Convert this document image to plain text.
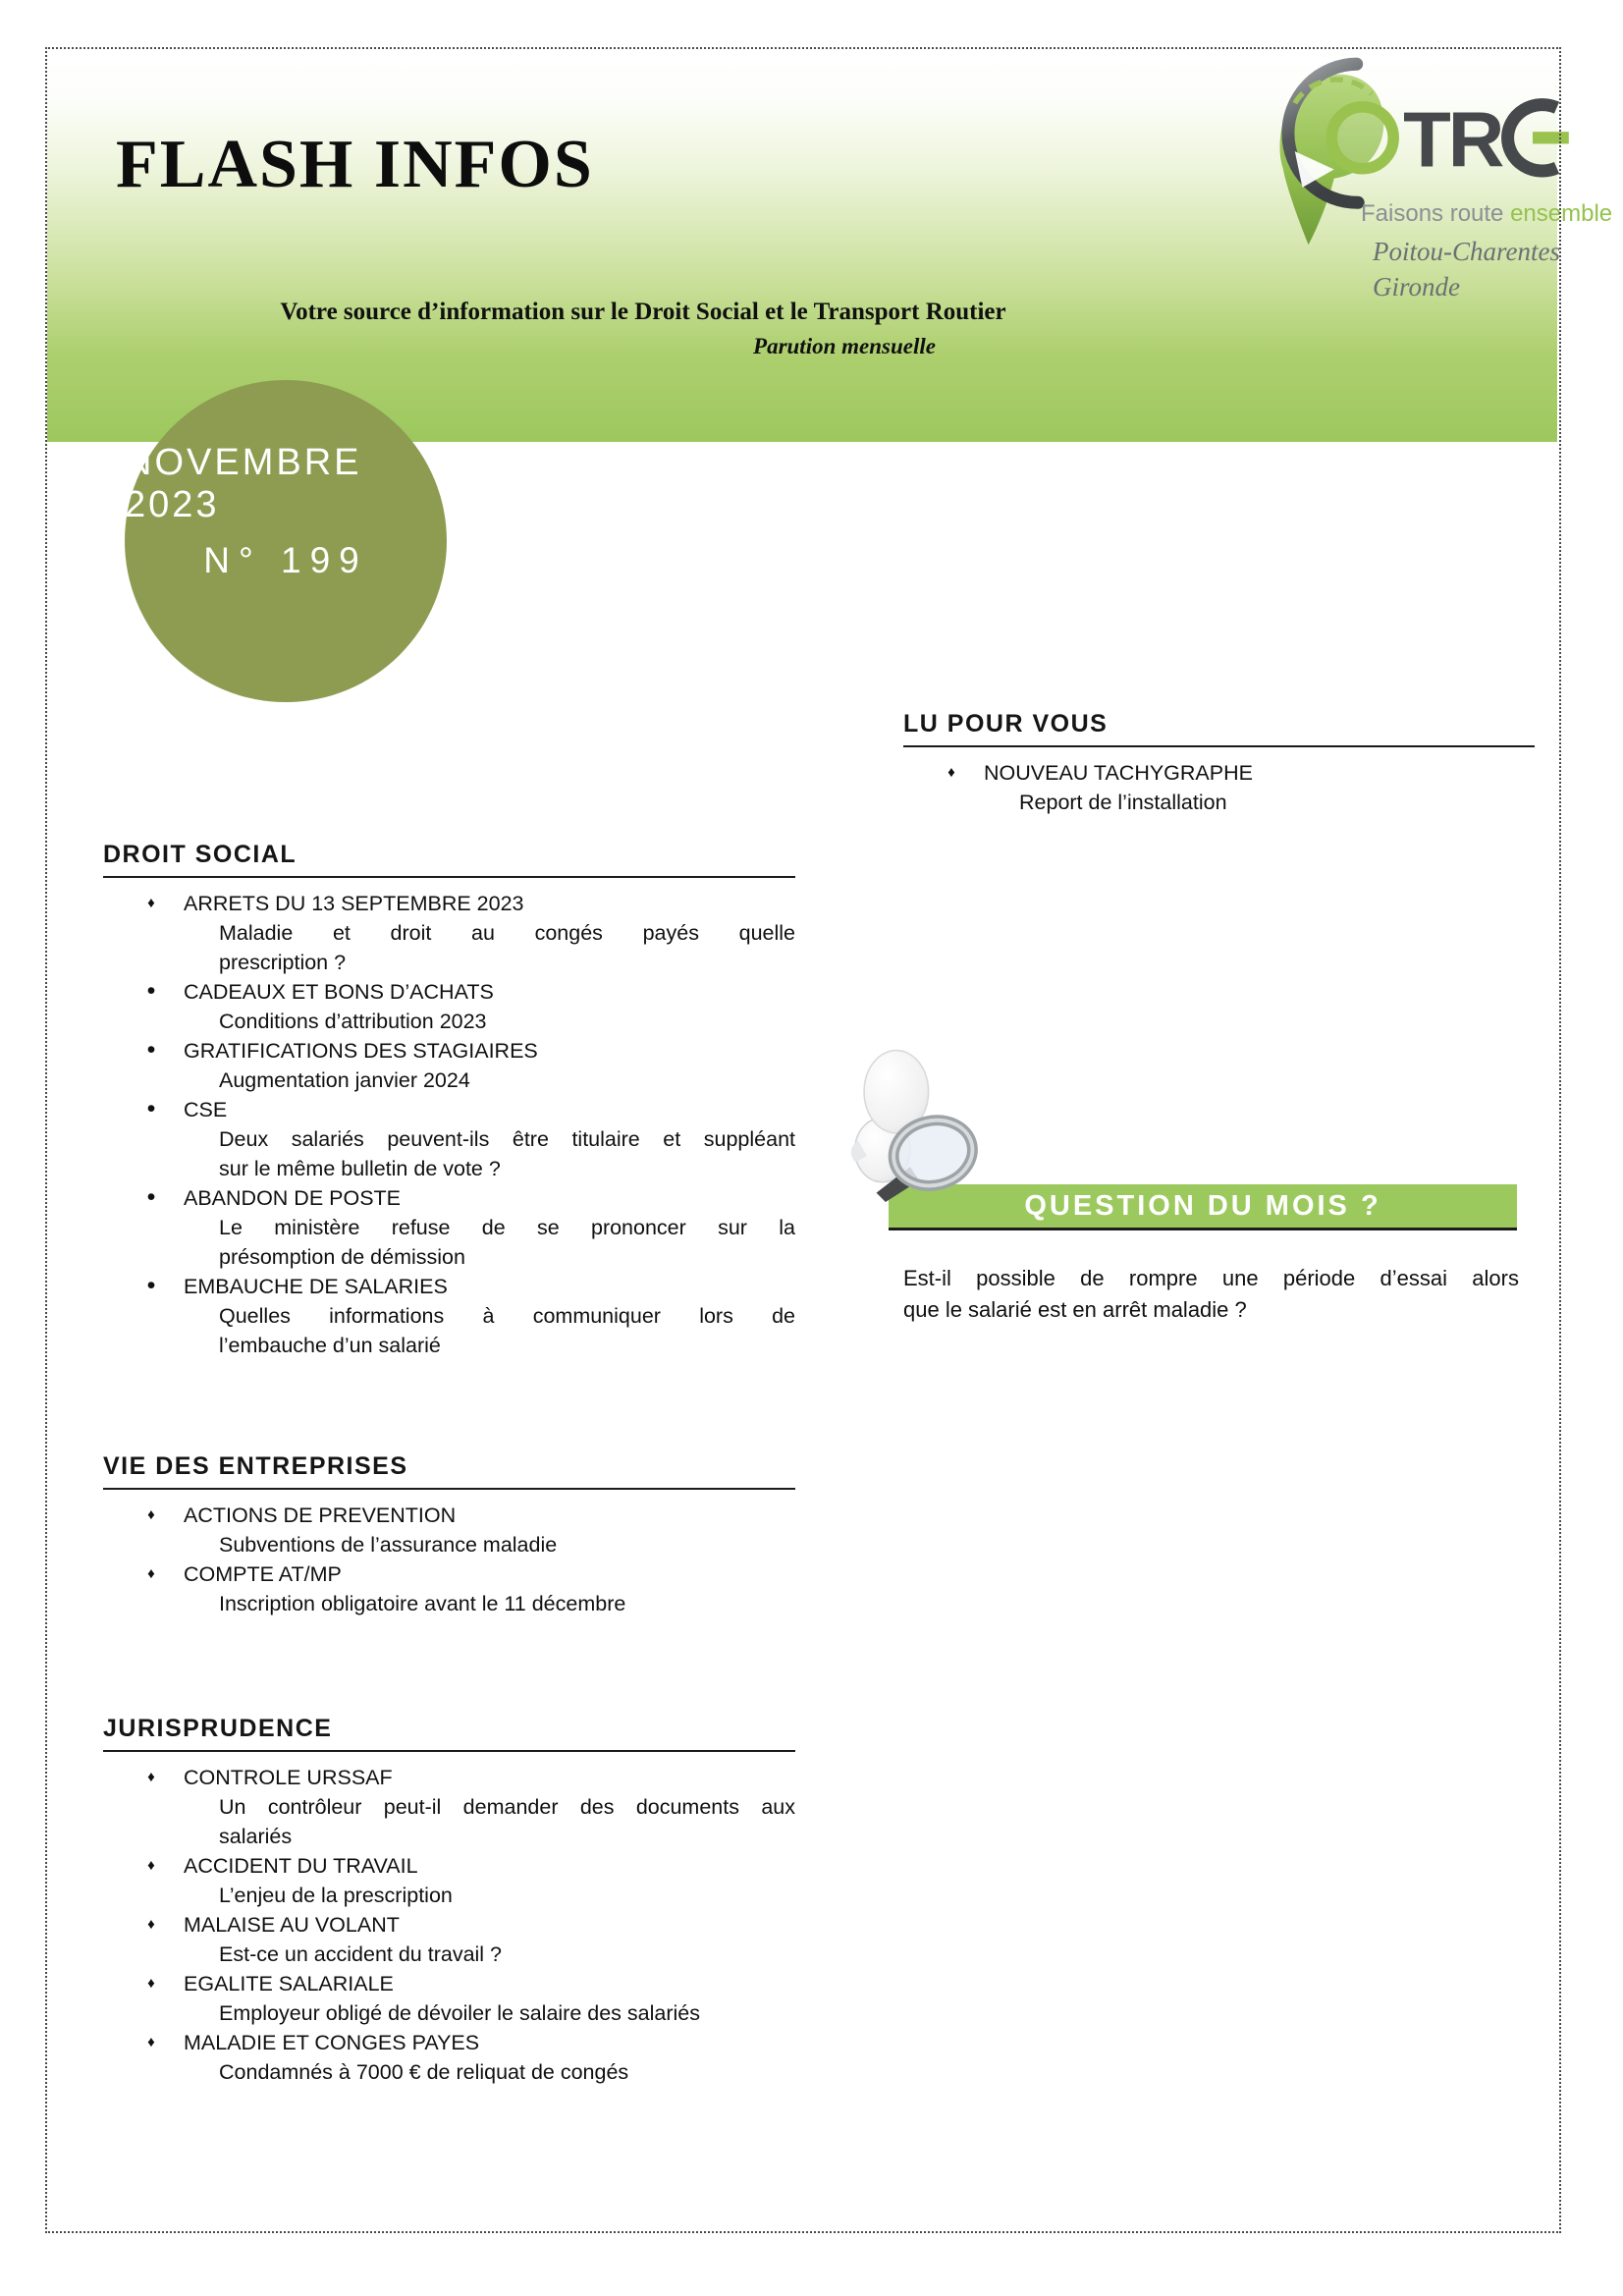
FLASH INFOS	TR
Faisons route ensemble

Poitou-Charentes
Gironde

Votre source d’information sur le Droit Social et le Transport Routier

Parution mensuelle

NOVEMBRE 2023
N° 199
LU POUR VOUS
♦	NOUVEAU TACHYGRAPHE
Report de l’installation
DROIT SOCIAL
♦	ARRETS DU 13 SEPTEMBRE 2023
Maladie et droit au congés payés quelle
prescription ?
•	CADEAUX ET BONS D’ACHATS
Conditions d’attribution 2023
•	GRATIFICATIONS DES STAGIAIRES
Augmentation janvier 2024
•	CSE
Deux salariés peuvent-ils être titulaire et suppléant
sur le même bulletin de vote ?
•	ABANDON DE POSTE
Le ministère refuse de se prononcer sur la
présomption de démission
•	EMBAUCHE DE SALARIES
Quelles informations à communiquer lors de
l’embauche d’un salarié
QUESTION DU MOIS ?
Est-il possible de rompre une période d’essai alors
que le salarié est en arrêt maladie ?
VIE DES ENTREPRISES
♦	ACTIONS DE PREVENTION
Subventions de l’assurance maladie
♦	COMPTE AT/MP
Inscription obligatoire avant le 11 décembre
JURISPRUDENCE
♦	CONTROLE URSSAF
Un contrôleur peut-il demander des documents aux
salariés
♦	ACCIDENT DU TRAVAIL
L’enjeu de la prescription
♦	MALAISE AU VOLANT
Est-ce un accident du travail ?
♦	EGALITE SALARIALE
Employeur obligé de dévoiler le salaire des salariés
♦	MALADIE ET CONGES PAYES
Condamnés à 7000 € de reliquat de congés
